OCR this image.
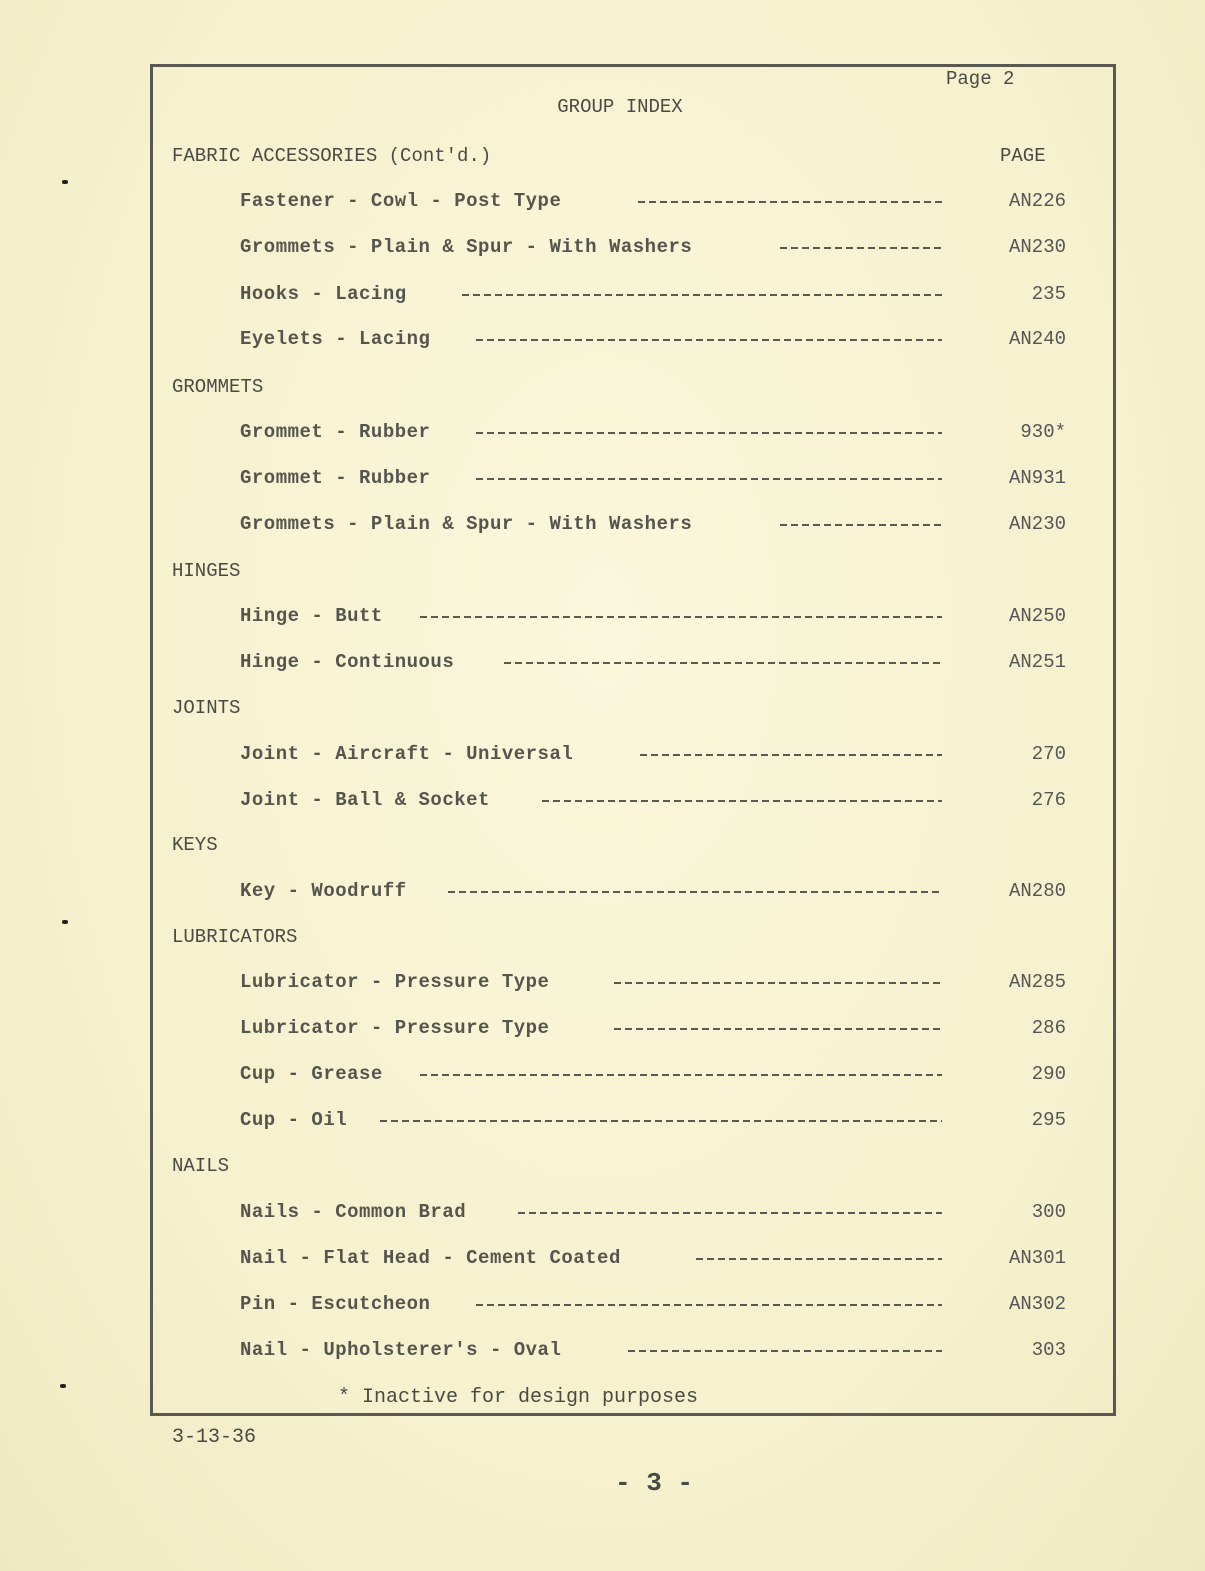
Page 2
GROUP INDEX
PAGE
FABRIC ACCESSORIES (Cont'd.)
GROMMETS
HINGES
JOINTS
KEYS
LUBRICATORS
NAILS
Fastener - Cowl - Post Type	AN226
Grommets - Plain & Spur - With Washers	AN230
Hooks - Lacing	235
Eyelets - Lacing	AN240
Grommet - Rubber	930*
Grommet - Rubber	AN931
Grommets - Plain & Spur - With Washers	AN230
Hinge - Butt	AN250
Hinge - Continuous	AN251
Joint - Aircraft - Universal	270
Joint - Ball & Socket	276
Key - Woodruff	AN280
Lubricator - Pressure Type	AN285
Lubricator - Pressure Type	286
Cup - Grease	290
Cup - Oil	295
Nails - Common Brad	300
Nail - Flat Head - Cement Coated	AN301
Pin - Escutcheon	AN302
Nail - Upholsterer's - Oval	303
* Inactive for design purposes
3-13-36
- 3 -
